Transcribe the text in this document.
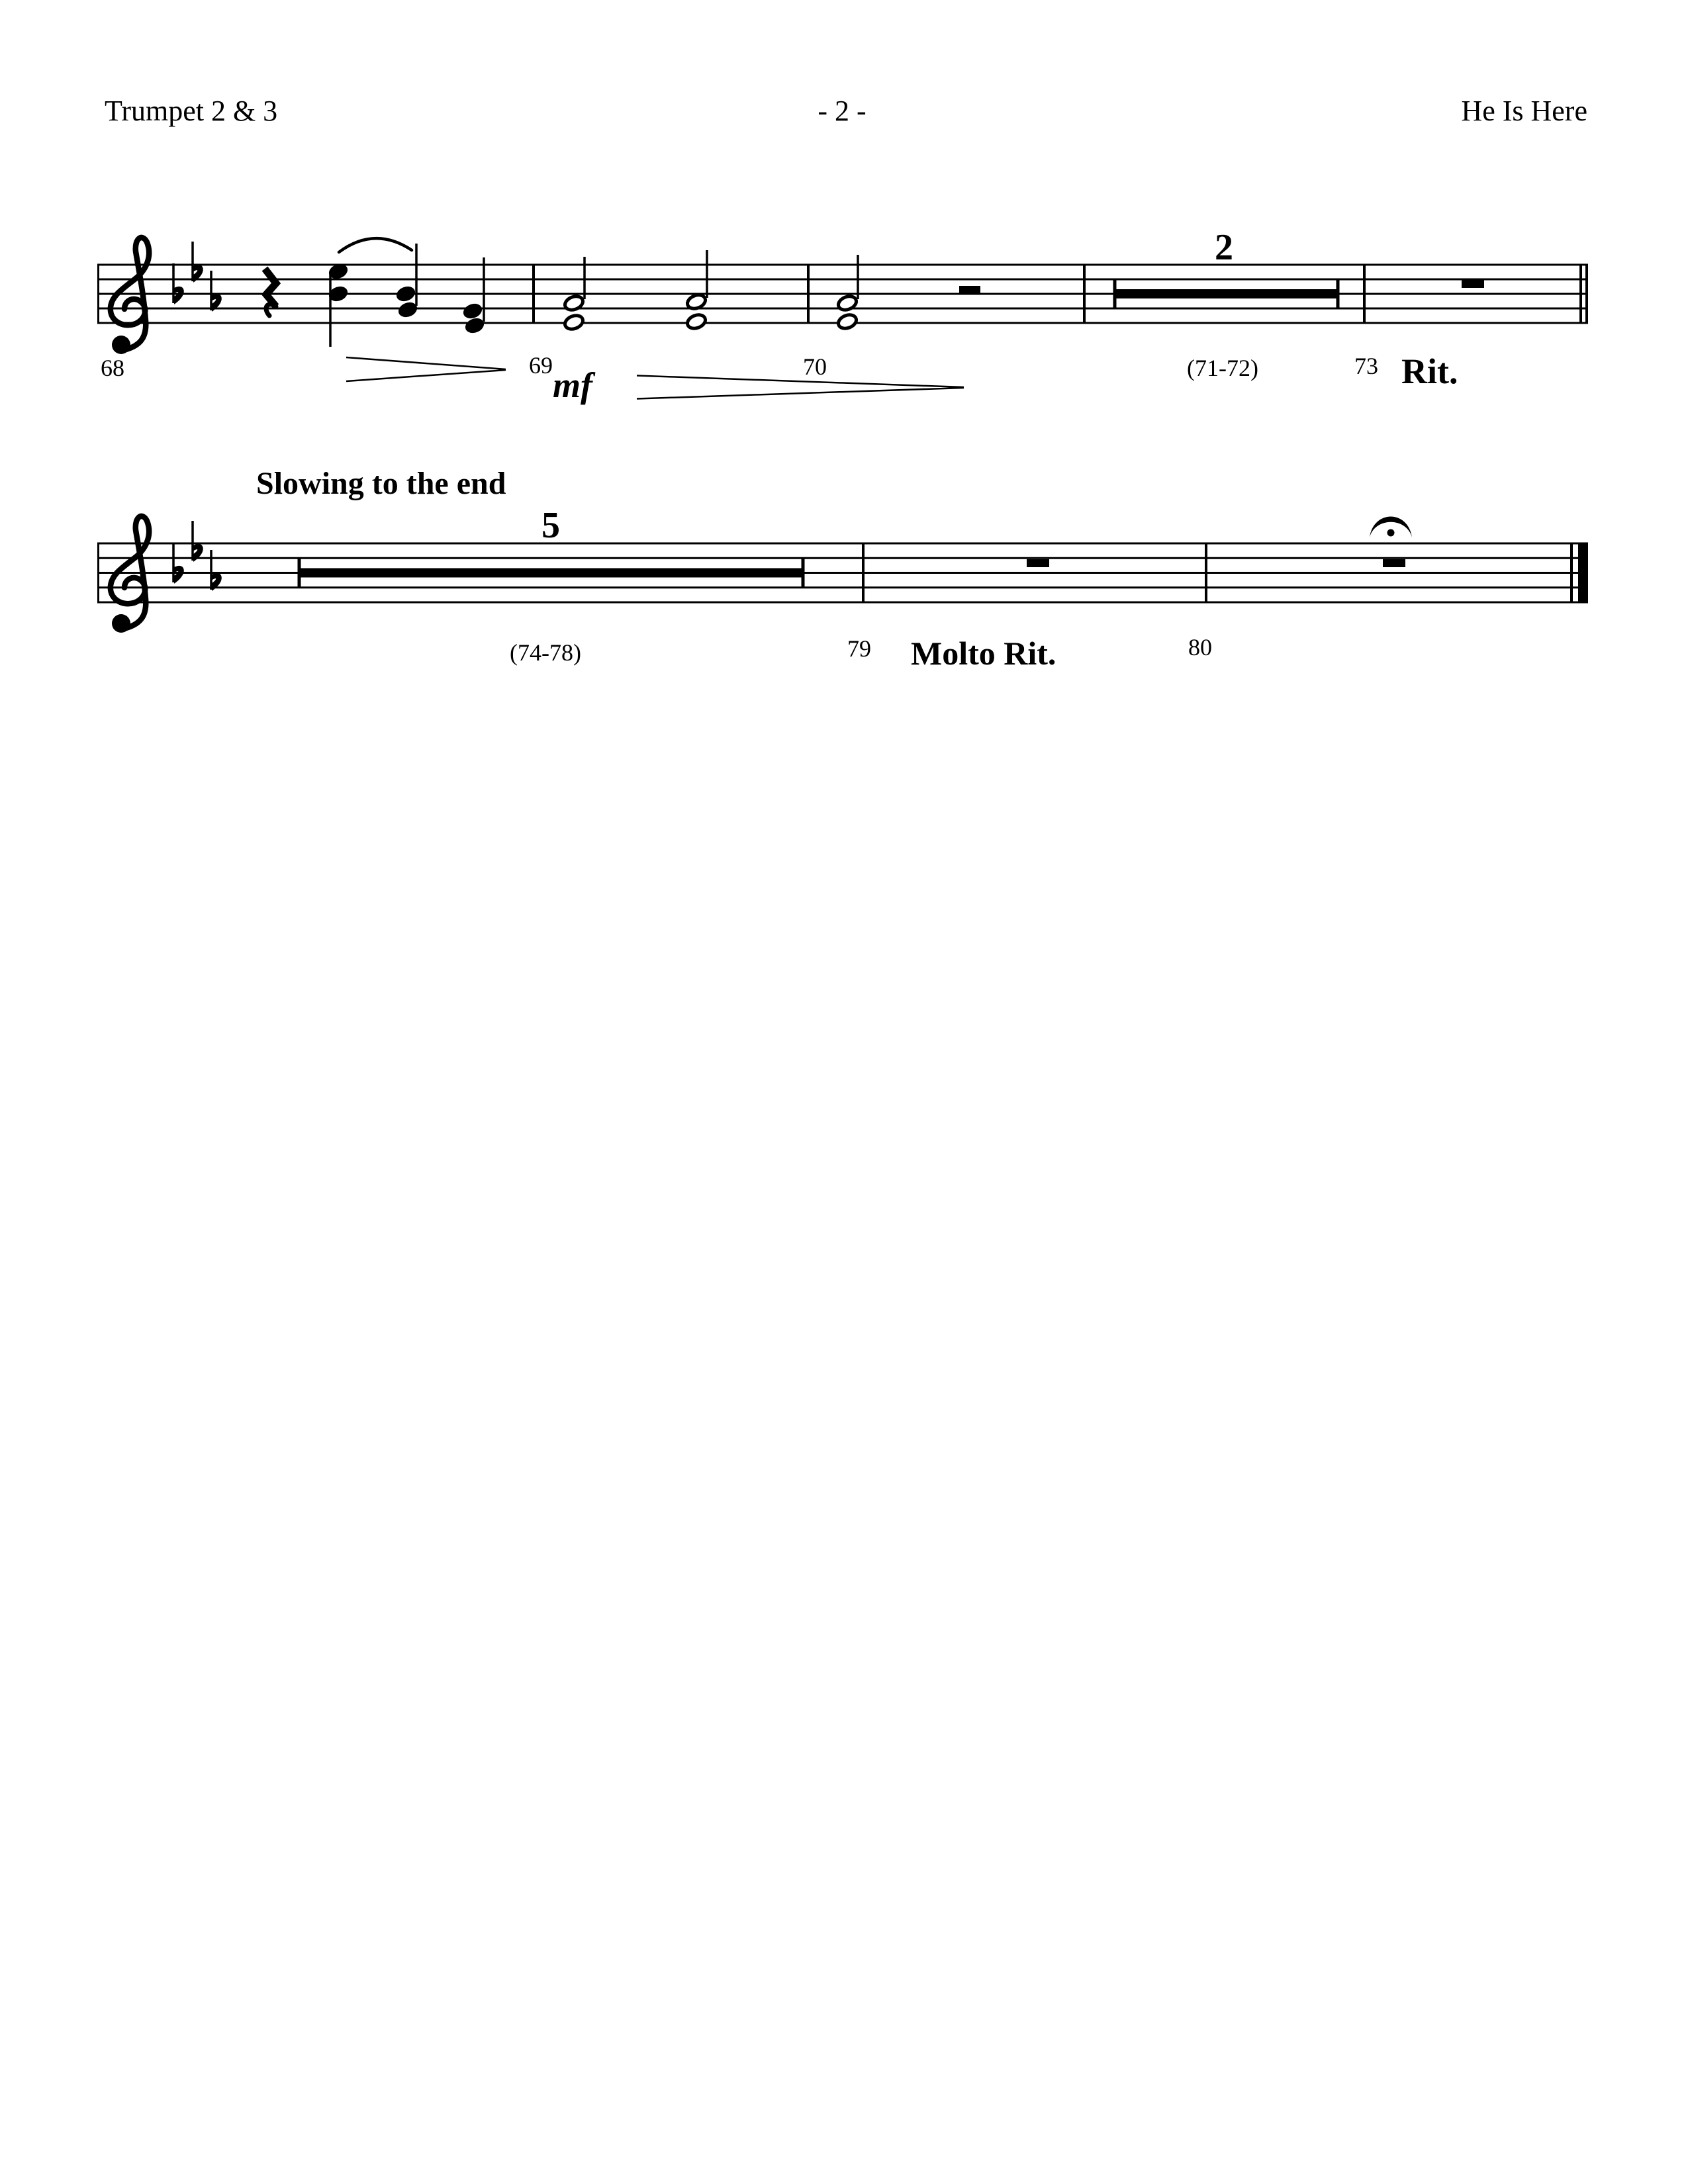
Trumpet 2 & 3	- 2 -	He Is Here
68	69 mf	70	(71-72)	73 Rit.
2
Slowing to the end
5
(74-78)	79 Molto Rit.	80
